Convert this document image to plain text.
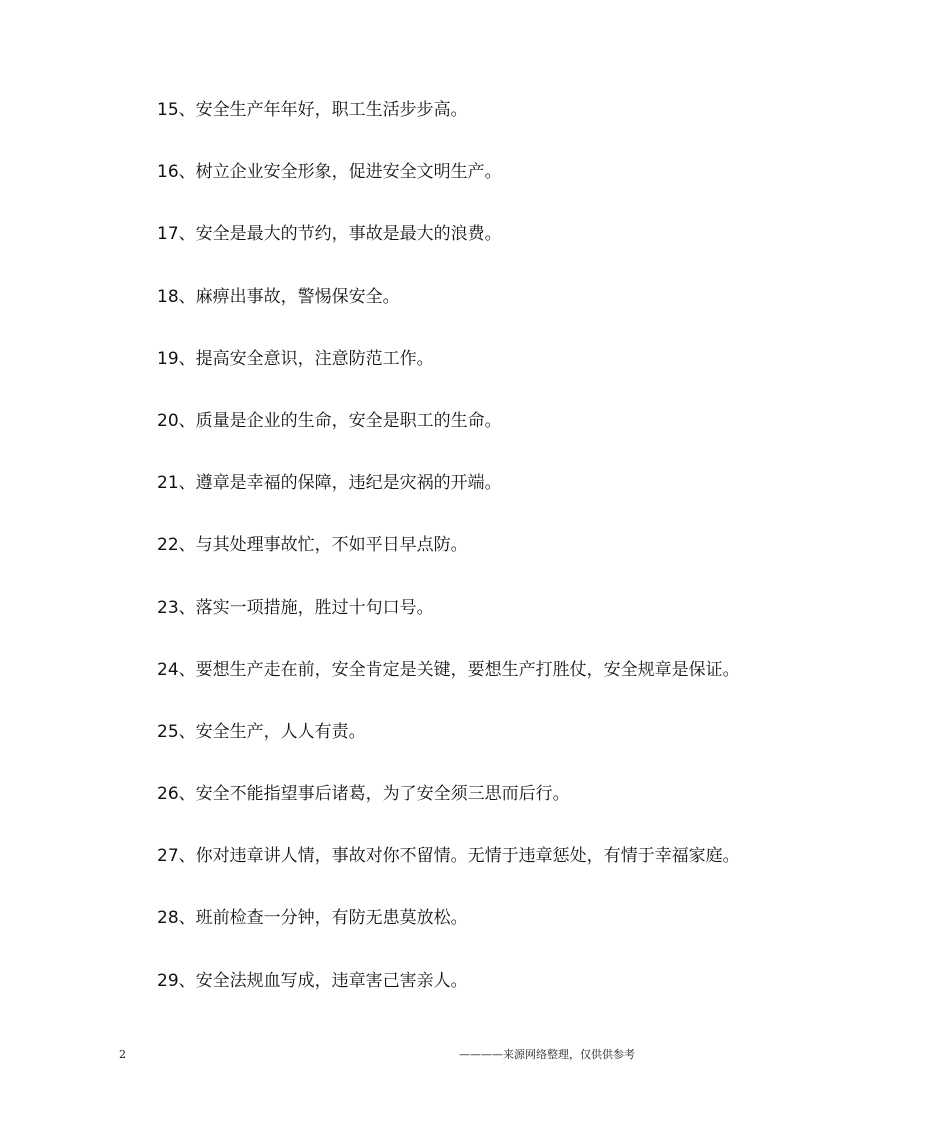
15、安全生产年年好，职工生活步步高。
16、树立企业安全形象，促进安全文明生产。
17、安全是最大的节约，事故是最大的浪费。
18、麻痹出事故，警惕保安全。
19、提高安全意识，注意防范工作。
20、质量是企业的生命，安全是职工的生命。
21、遵章是幸福的保障，违纪是灾祸的开端。
22、与其处理事故忙，不如平日早点防。
23、落实一项措施，胜过十句口号。
24、要想生产走在前，安全肯定是关键，要想生产打胜仗，安全规章是保证。
25、安全生产，人人有责。
26、安全不能指望事后诸葛，为了安全须三思而后行。
27、你对违章讲人情，事故对你不留情。无情于违章惩处，有情于幸福家庭。
28、班前检查一分钟，有防无患莫放松。
29、安全法规血写成，违章害己害亲人。
2	————来源网络整理，仅供供参考
